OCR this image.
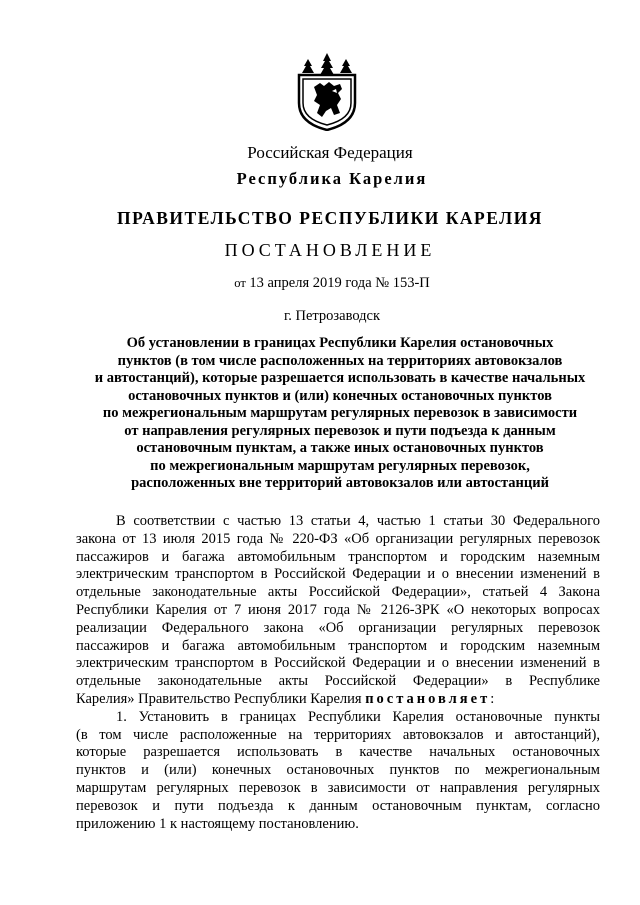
Российская Федерация
Республика Карелия
ПРАВИТЕЛЬСТВО РЕСПУБЛИКИ КАРЕЛИЯ
ПОСТАНОВЛЕНИЕ
от 13 апреля 2019 года № 153-П
г. Петрозаводск
Об установлении в границах Республики Карелия остановочных
пунктов (в том числе расположенных на территориях автовокзалов
и автостанций), которые разрешается использовать в качестве начальных
остановочных пунктов и (или) конечных остановочных пунктов
по межрегиональным маршрутам регулярных перевозок в зависимости
от направления регулярных перевозок и пути подъезда к данным
остановочным пунктам, а также иных остановочных пунктов
по межрегиональным маршрутам регулярных перевозок,
расположенных вне территорий автовокзалов или автостанций
В соответствии с частью 13 статьи 4, частью 1 статьи 30 Федерального
закона от 13 июля 2015 года № 220-ФЗ «Об организации регулярных перевозок
пассажиров и багажа автомобильным транспортом и городским наземным
электрическим транспортом в Российской Федерации и о внесении изменений в
отдельные законодательные акты Российской Федерации», статьей 4 Закона
Республики Карелия от 7 июня 2017 года № 2126-ЗРК «О некоторых вопросах
реализации Федерального закона «Об организации регулярных перевозок
пассажиров и багажа автомобильным транспортом и городским наземным
электрическим транспортом в Российской Федерации и о внесении изменений в
отдельные законодательные акты Российской Федерации» в Республике
Карелия» Правительство Республики Карелия постановляет:
1. Установить в границах Республики Карелия остановочные пункты
(в том числе расположенные на территориях автовокзалов и автостанций),
которые разрешается использовать в качестве начальных остановочных
пунктов и (или) конечных остановочных пунктов по межрегиональным
маршрутам регулярных перевозок в зависимости от направления регулярных
перевозок и пути подъезда к данным остановочным пунктам, согласно
приложению 1 к настоящему постановлению.
